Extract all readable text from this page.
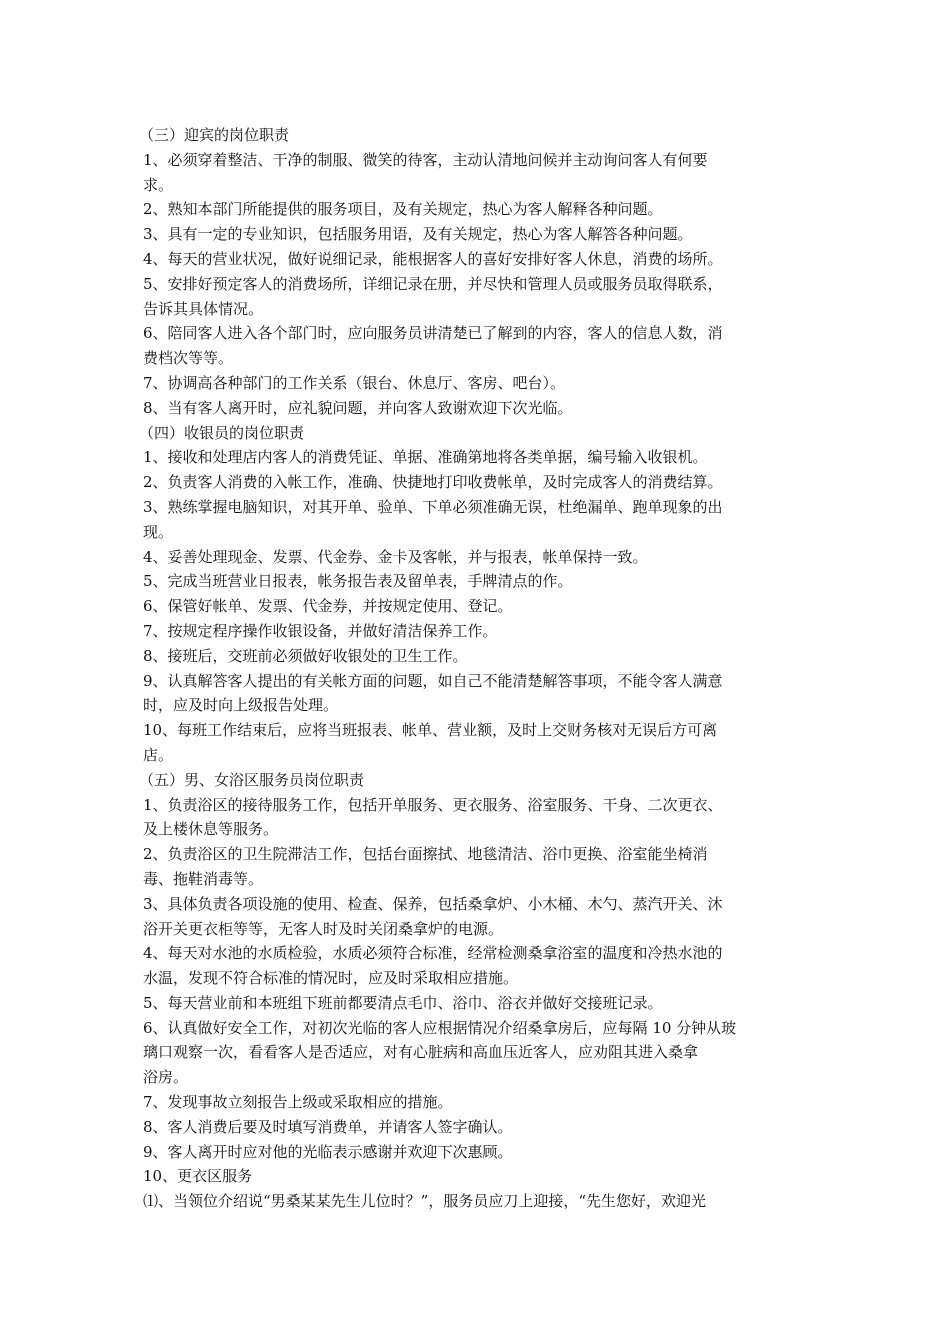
（三）迎宾的岗位职责
1、必须穿着整洁、干净的制服、微笑的待客，主动认清地问候并主动询问客人有何要
求。
2、熟知本部门所能提供的服务项目，及有关规定，热心为客人解释各种问题。
3、具有一定的专业知识，包括服务用语，及有关规定，热心为客人解答各种问题。
4、每天的营业状况，做好说细记录，能根据客人的喜好安排好客人休息，消费的场所。
5、安排好预定客人的消费场所，详细记录在册，并尽快和管理人员或服务员取得联系，
告诉其具体情况。
6、陪同客人进入各个部门时，应向服务员讲清楚已了解到的内容，客人的信息人数，消
费档次等等。
7、协调高各种部门的工作关系（银台、休息厅、客房、吧台）。
8、当有客人离开时，应礼貌问题，并向客人致谢欢迎下次光临。
（四）收银员的岗位职责
1、接收和处理店内客人的消费凭证、单据、准确第地将各类单据，编号输入收银机。
2、负责客人消费的入帐工作，准确、快捷地打印收费帐单，及时完成客人的消费结算。
3、熟练掌握电脑知识，对其开单、验单、下单必须准确无误，杜绝漏单、跑单现象的出
现。
4、妥善处理现金、发票、代金券、金卡及客帐，并与报表，帐单保持一致。
5、完成当班营业日报表，帐务报告表及留单表，手牌清点的作。
6、保管好帐单、发票、代金券，并按规定使用、登记。
7、按规定程序操作收银设备，并做好清洁保养工作。
8、接班后，交班前必须做好收银处的卫生工作。
9、认真解答客人提出的有关帐方面的问题，如自己不能清楚解答事项，不能令客人满意
时，应及时向上级报告处理。
10、每班工作结束后，应将当班报表、帐单、营业额，及时上交财务核对无误后方可离
店。
（五）男、女浴区服务员岗位职责
1、负责浴区的接待服务工作，包括开单服务、更衣服务、浴室服务、干身、二次更衣、
及上楼休息等服务。
2、负责浴区的卫生院滞洁工作，包括台面擦拭、地毯清洁、浴巾更换、浴室能坐椅消
毒、拖鞋消毒等。
3、具体负责各项设施的使用、检查、保养，包括桑拿炉、小木桶、木勺、蒸汽开关、沐
浴开关更衣柜等等，无客人时及时关闭桑拿炉的电源。
4、每天对水池的水质检验，水质必须符合标准，经常检测桑拿浴室的温度和冷热水池的
水温，发现不符合标准的情况时，应及时采取相应措施。
5、每天营业前和本班组下班前都要清点毛巾、浴巾、浴衣并做好交接班记录。
6、认真做好安全工作，对初次光临的客人应根据情况介绍桑拿房后，应每隔 10 分钟从玻
璃口观察一次，看看客人是否适应，对有心脏病和高血压近客人，应劝阻其进入桑拿
浴房。
7、发现事故立刻报告上级或采取相应的措施。
8、客人消费后要及时填写消费单，并请客人签字确认。
9、客人离开时应对他的光临表示感谢并欢迎下次惠顾。
10、更衣区服务
⑴、当领位介绍说“男桑某某先生儿位时？”，服务员应刀上迎接，“先生您好，欢迎光
